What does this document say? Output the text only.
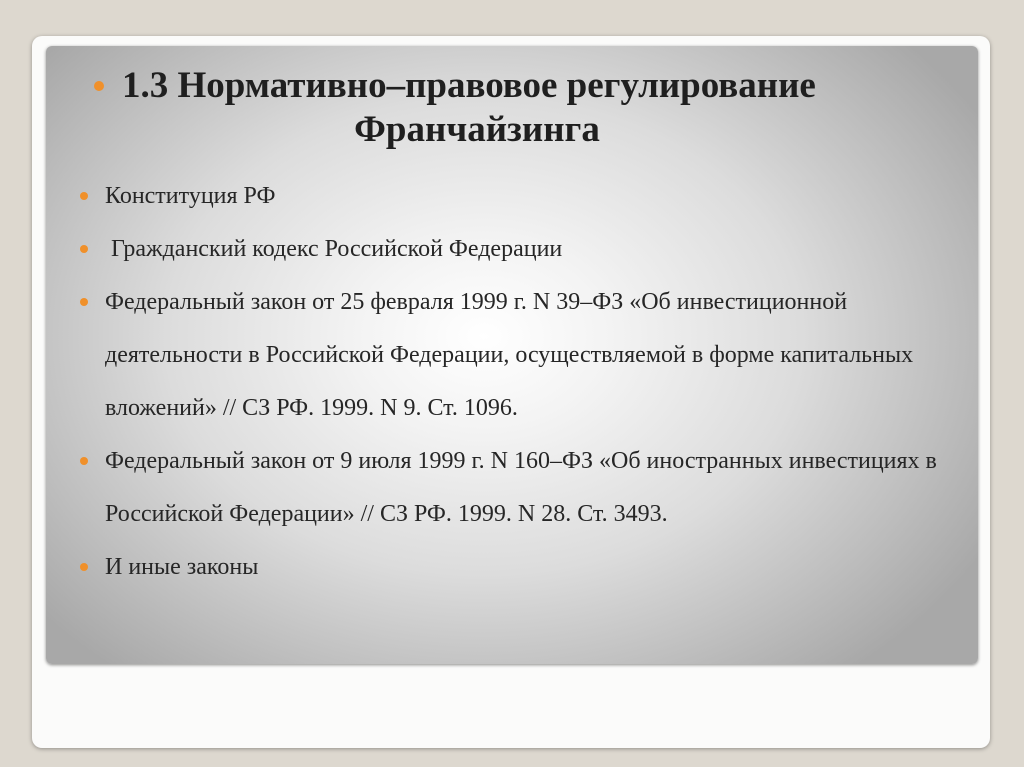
1.3 Нормативно–правовое регулирование
Франчайзинга
Конституция РФ
Гражданский кодекс Российской Федерации
Федеральный закон от 25 февраля 1999 г. N 39–ФЗ «Об инвестиционной деятельности в Российской Федерации, осуществляемой в форме капитальных вложений» // СЗ РФ. 1999. N 9. Ст. 1096.
Федеральный закон от 9 июля 1999 г. N 160–ФЗ «Об иностранных инвестициях в Российской Федерации» // СЗ РФ. 1999. N 28. Ст. 3493.
И иные законы
